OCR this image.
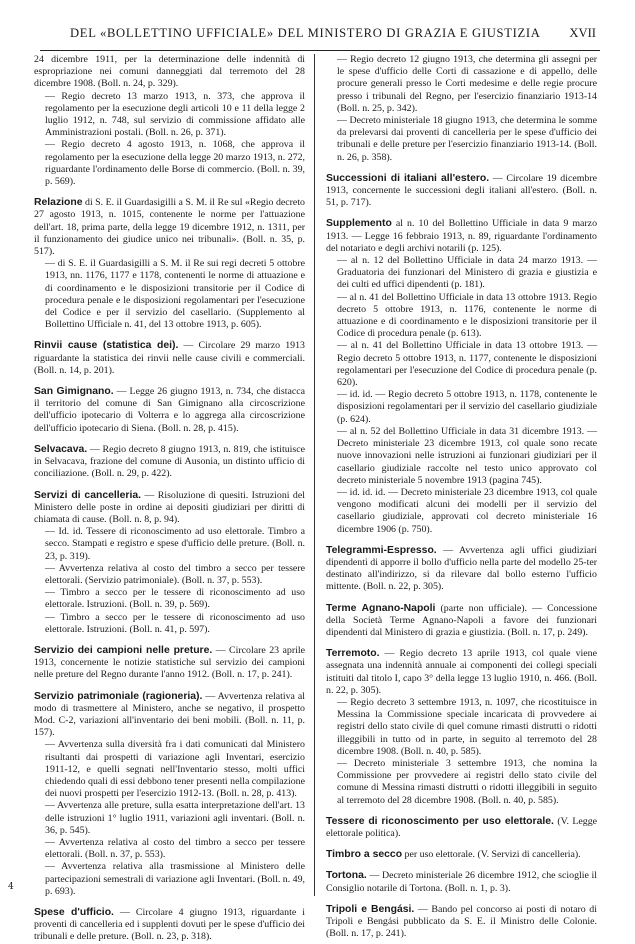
DEL «BOLLETTINO UFFICIALE» DEL MINISTERO DI GRAZIA E GIUSTIZIA XVII

24 dicembre 1911, per la determinazione delle indennità di espropriazione nei comuni danneggiati dal terremoto del 28 dicembre 1908. (Boll. n. 24, p. 329).

— Regio decreto 13 marzo 1913, n. 373, che approva il regolamento per la esecuzione degli articoli 10 e 11 della legge 2 luglio 1912, n. 748, sul servizio di commissione affidato alle Amministrazioni postali. (Boll. n. 26, p. 371).

— Regio decreto 4 agosto 1913, n. 1068, che approva il regolamento per la esecuzione della legge 20 marzo 1913, n. 272, riguardante l'ordinamento delle Borse di commercio. (Boll. n. 39, p. 569).

Relazione di S. E. il Guardasigilli a S. M. il Re sul «Regio decreto 27 agosto 1913, n. 1015, contenente le norme per l'attuazione dell'art. 18, prima parte, della legge 19 dicembre 1912, n. 1311, per il funzionamento dei giudice unico nei tribunali». (Boll. n. 35, p. 517).

— di S. E. il Guardasigilli a S. M. il Re sui regi decreti 5 ottobre 1913, nn. 1176, 1177 e 1178, contenenti le norme di attuazione e di coordinamento e le disposizioni transitorie per il Codice di procedura penale e le disposizioni regolamentari per l'esecuzione del Codice e per il servizio del casellario. (Supplemento al Bollettino Ufficiale n. 41, del 13 ottobre 1913, p. 605).

Rinvii cause (statistica dei). — Circolare 29 marzo 1913 riguardante la statistica dei rinvii nelle cause civili e commerciali. (Boll. n. 14, p. 201).

San Gimignano. — Legge 26 giugno 1913, n. 734, che distacca il territorio del comune di San Gimignano alla circoscrizione dell'ufficio ipotecario di Volterra e lo aggrega alla circoscrizione dell'ufficio ipotecario di Siena. (Boll. n. 28, p. 415).

Selvacava. — Regio decreto 8 giugno 1913, n. 819, che istituisce in Selvacava, frazione del comune di Ausonia, un distinto ufficio di conciliazione. (Boll. n. 29, p. 422).

Servizi di cancelleria. — Risoluzione di quesiti. Istruzioni del Ministero delle poste in ordine ai depositi giudiziari per diritti di chiamata di cause. (Boll. n. 8, p. 94).

— Id. id. Tessere di riconoscimento ad uso elettorale. Timbro a secco. Stampati e registro e spese d'ufficio delle preture. (Boll. n. 23, p. 319).

— Avvertenza relativa al costo del timbro a secco per tessere elettorali. (Servizio patrimoniale). (Boll. n. 37, p. 553).

— Timbro a secco per le tessere di riconoscimento ad uso elettorale. Istruzioni. (Boll. n. 39, p. 569).

— Timbro a secco per le tessere di riconoscimento ad uso elettorale. Istruzioni. (Boll. n. 41, p. 597).

Servizio dei campioni nelle preture. — Circolare 23 aprile 1913, concernente le notizie statistiche sul servizio dei campioni nelle preture del Regno durante l'anno 1912. (Boll. n. 17, p. 241).

Servizio patrimoniale (ragioneria). — Avvertenza relativa al modo di trasmettere al Ministero, anche se negativo, il prospetto Mod. C-2, variazioni all'inventario dei beni mobili. (Boll. n. 11, p. 157).

— Avvertenza sulla diversità fra i dati comunicati dal Ministero risultanti dai prospetti di variazione agli Inventari, esercizio 1911-12, e quelli segnati nell'Inventario stesso, molti uffici chiedendo quali di essi debbono tener presenti nella compilazione dei nuovi prospetti per l'esercizio 1912-13. (Boll. n. 28, p. 413).

— Avvertenza alle preture, sulla esatta interpretazione dell'art. 13 delle istruzioni 1° luglio 1911, variazioni agli inventari. (Boll. n. 36, p. 545).

— Avvertenza relativa al costo del timbro a secco per tessere elettorali. (Boll. n. 37, p. 553).

— Avvertenza relativa alla trasmissione al Ministero delle partecipazioni semestrali di variazione agli Inventari. (Boll. n. 49, p. 693).

Spese d'ufficio. — Circolare 4 giugno 1913, riguardante i proventi di cancelleria ed i supplenti dovuti per le spese d'ufficio dei tribunali e delle preture. (Boll. n. 23, p. 318).

— Regio decreto 12 giugno 1913, che determina gli assegni per le spese d'ufficio delle Corti di cassazione e di appello, delle procure generali presso le Corti medesime e delle regie procure presso i tribunali del Regno, per l'esercizio finanziario 1913-14 (Boll. n. 25, p. 342).

— Decreto ministeriale 18 giugno 1913, che determina le somme da prelevarsi dai proventi di cancelleria per le spese d'ufficio dei tribunali e delle preture per l'esercizio finanziario 1913-14. (Boll. n. 26, p. 358).

Successioni di italiani all'estero. — Circolare 19 dicembre 1913, concernente le successioni degli italiani all'estero. (Boll. n. 51, p. 717).

Supplemento al n. 10 del Bollettino Ufficiale in data 9 marzo 1913. — Legge 16 febbraio 1913, n. 89, riguardante l'ordinamento del notariato e degli archivi notarili (p. 125).

— al n. 12 del Bollettino Ufficiale in data 24 marzo 1913. — Graduatoria dei funzionari del Ministero di grazia e giustizia e dei culti ed uffici dipendenti (p. 181).

— al n. 41 del Bollettino Ufficiale in data 13 ottobre 1913. Regio decreto 5 ottobre 1913, n. 1176, contenente le norme di attuazione e di coordinamento e le disposizioni transitorie per il Codice di procedura penale (p. 613).

— al n. 41 del Bollettino Ufficiale in data 13 ottobre 1913. — Regio decreto 5 ottobre 1913, n. 1177, contenente le disposizioni regolamentari per l'esecuzione del Codice di procedura penale (p. 620).

— id. id. — Regio decreto 5 ottobre 1913, n. 1178, contenente le disposizioni regolamentari per il servizio del casellario giudiziale (p. 624).

— al n. 52 del Bollettino Ufficiale in data 31 dicembre 1913. — Decreto ministeriale 23 dicembre 1913, col quale sono recate nuove innovazioni nelle istruzioni ai funzionari giudiziari per il casellario giudiziale raccolte nel testo unico approvato col decreto ministeriale 5 novembre 1913 (pagina 745).

— id. id. id. — Decreto ministeriale 23 dicembre 1913, col quale vengono modificati alcuni dei modelli per il servizio del casellario giudiziale, approvati col decreto ministeriale 16 dicembre 1906 (p. 750).

Telegrammi-Espresso. — Avvertenza agli uffici giudiziari dipendenti di apporre il bollo d'ufficio nella parte del modello 25-ter destinato all'indirizzo, si da rilevare dal bollo esterno l'ufficio mittente. (Boll. n. 22, p. 305).

Terme Agnano-Napoli (parte non ufficiale). — Concessione della Società Terme Agnano-Napoli a favore dei funzionari dipendenti dal Ministero di grazia e giustizia. (Boll. n. 17, p. 249).

Terremoto. — Regio decreto 13 aprile 1913, col quale viene assegnata una indennità annuale ai componenti dei collegi speciali istituiti dal titolo I, capo 3° della legge 13 luglio 1910, n. 466. (Boll. n. 22, p. 305).

— Regio decreto 3 settembre 1913, n. 1097, che ricostituisce in Messina la Commissione speciale incaricata di provvedere ai registri dello stato civile di quel comune rimasti distrutti o ridotti illeggibili in tutto od in parte, in seguito al terremoto del 28 dicembre 1908. (Boll. n. 40, p. 585).

— Decreto ministeriale 3 settembre 1913, che nomina la Commissione per provvedere ai registri dello stato civile del comune di Messina rimasti distrutti o ridotti illeggibili in seguito al terremoto del 28 dicembre 1908. (Boll. n. 40, p. 585).

Tessere di riconoscimento per uso elettorale. (V. Legge elettorale politica).

Timbro a secco per uso elettorale. (V. Servizi di cancelleria).

Tortona. — Decreto ministeriale 26 dicembre 1912, che scioglie il Consiglio notarile di Tortona. (Boll. n. 1, p. 3).

Tripoli e Bengási. — Bando pel concorso ai posti di notaro di Tripoli e Bengási pubblicato da S. E. il Ministro delle Colonie. (Boll. n. 17, p. 241).

4
